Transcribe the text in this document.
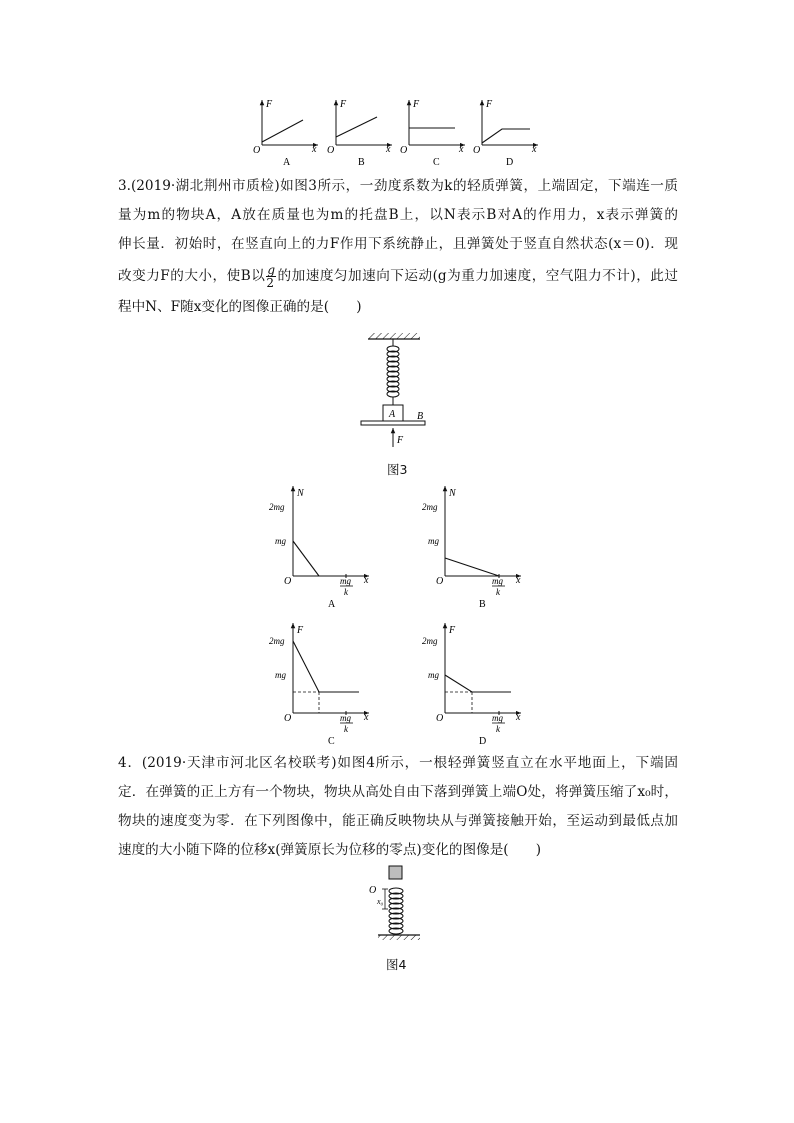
F
x
O
A
F
x
O
B
F
x
O
C
F
x
O
D
A B
F
N
x
O
2mg
mg
mg
k
A
N
x
O
2mg
mg
mg
k
B
F
x
O
2mg
mg
mg
k
C
F
x
O
2mg
mg
mg
k
D
O
x₀
3.(2019·湖北荆州市质检)如图3所示，一劲度系数为k的轻质弹簧，上端固定，下端连一质
量为m的物块A，A放在质量也为m的托盘B上，以N表示B对A的作用力，x表示弹簧的
伸长量．初始时，在竖直向上的力F作用下系统静止，且弹簧处于竖直自然状态(x＝0)．现
改变力F的大小，使B以 $\frac{g}{2}$ 的加速度匀加速向下运动(g为重力加速度，空气阻力不计)，此过
程中N、F随x变化的图像正确的是(　　)
图3
4．(2019·天津市河北区名校联考)如图4所示，一根轻弹簧竖直立在水平地面上，下端固
定．在弹簧的正上方有一个物块，物块从高处自由下落到弹簧上端O处，将弹簧压缩了x₀时，
物块的速度变为零．在下列图像中，能正确反映物块从与弹簧接触开始，至运动到最低点加
速度的大小随下降的位移x(弹簧原长为位移的零点)变化的图像是(　　)
图4
